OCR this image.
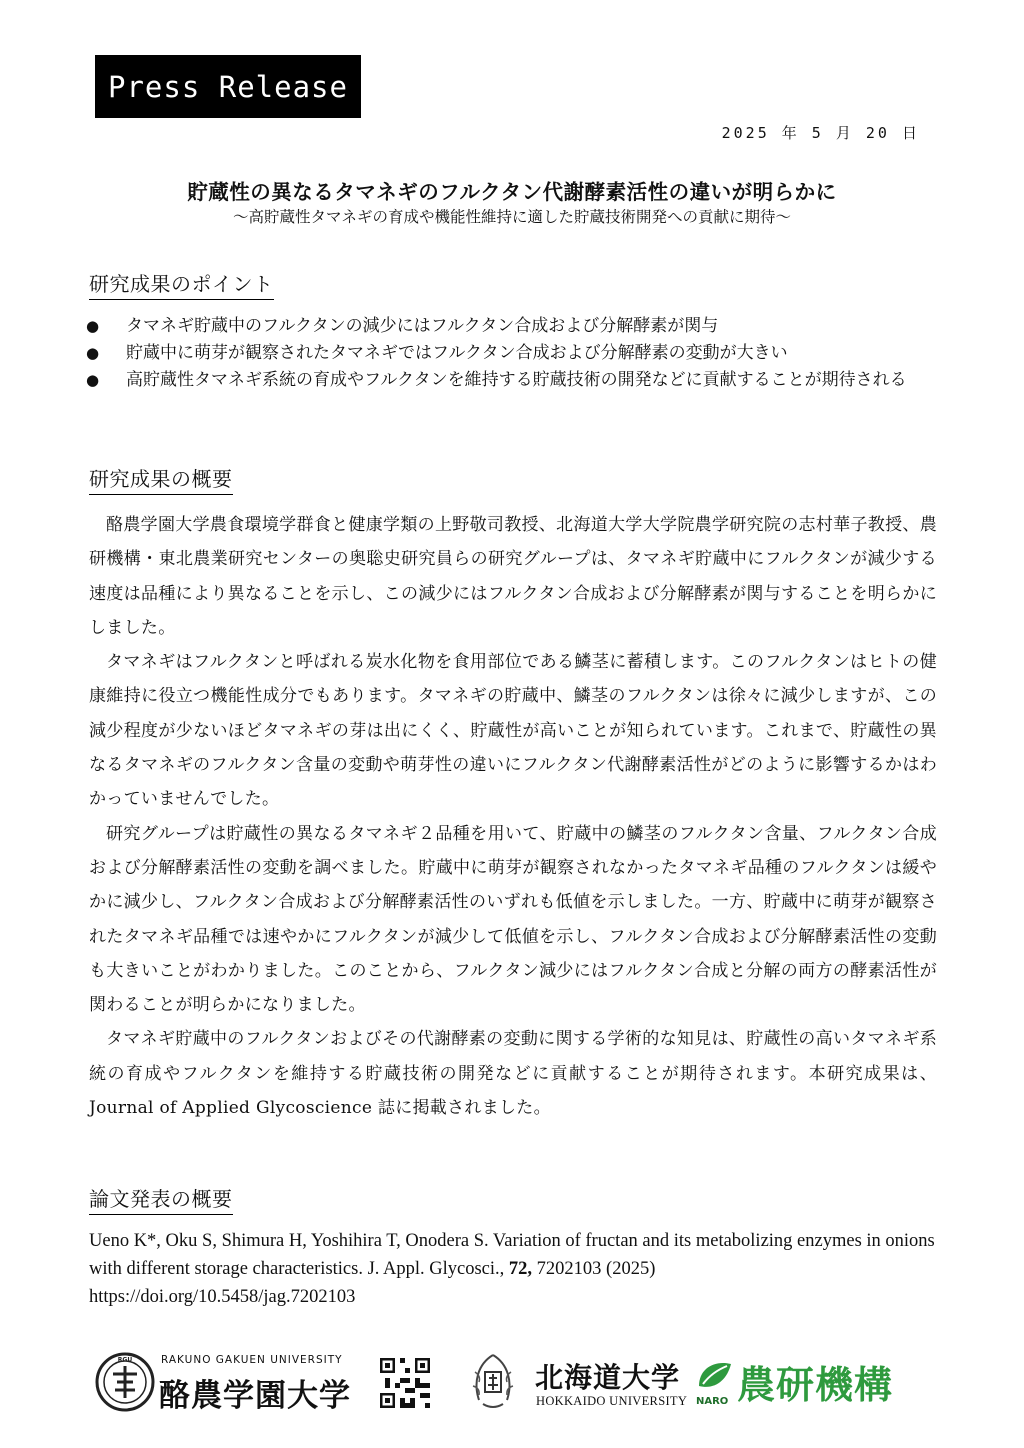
Press Release
2025 年 5 月 20 日
貯蔵性の異なるタマネギのフルクタン代謝酵素活性の違いが明らかに
～高貯蔵性タマネギの育成や機能性維持に適した貯蔵技術開発への貢献に期待～
研究成果のポイント
● タマネギ貯蔵中のフルクタンの減少にはフルクタン合成および分解酵素が関与
● 貯蔵中に萌芽が観察されたタマネギではフルクタン合成および分解酵素の変動が大きい
● 高貯蔵性タマネギ系統の育成やフルクタンを維持する貯蔵技術の開発などに貢献することが期待される
研究成果の概要

酪農学園大学農食環境学群食と健康学類の上野敬司教授、北海道大学大学院農学研究院の志村華子教授、農研機構・東北農業研究センターの奥聡史研究員らの研究グループは、タマネギ貯蔵中にフルクタンが減少する速度は品種により異なることを示し、この減少にはフルクタン合成および分解酵素が関与することを明らかにしました。

タマネギはフルクタンと呼ばれる炭水化物を食用部位である鱗茎に蓄積します。このフルクタンはヒトの健康維持に役立つ機能性成分でもあります。タマネギの貯蔵中、鱗茎のフルクタンは徐々に減少しますが、この減少程度が少ないほどタマネギの芽は出にくく、貯蔵性が高いことが知られています。これまで、貯蔵性の異なるタマネギのフルクタン含量の変動や萌芽性の違いにフルクタン代謝酵素活性がどのように影響するかはわかっていませんでした。

研究グループは貯蔵性の異なるタマネギ２品種を用いて、貯蔵中の鱗茎のフルクタン含量、フルクタン合成および分解酵素活性の変動を調べました。貯蔵中に萌芽が観察されなかったタマネギ品種のフルクタンは緩やかに減少し、フルクタン合成および分解酵素活性のいずれも低値を示しました。一方、貯蔵中に萌芽が観察されたタマネギ品種では速やかにフルクタンが減少して低値を示し、フルクタン合成および分解酵素活性の変動も大きいことがわかりました。このことから、フルクタン減少にはフルクタン合成と分解の両方の酵素活性が関わることが明らかになりました。

タマネギ貯蔵中のフルクタンおよびその代謝酵素の変動に関する学術的な知見は、貯蔵性の高いタマネギ系統の育成やフルクタンを維持する貯蔵技術の開発などに貢献することが期待されます。本研究成果は、Journal of Applied Glycoscience 誌に掲載されました。

論文発表の概要
Ueno K*, Oku S, Shimura H, Yoshihira T, Onodera S. Variation of fructan and its metabolizing enzymes in onions with different storage characteristics. J. Appl. Glycosci., 72, 7202103 (2025)
https://doi.org/10.5458/jag.7202103
RGU	RAKUNO GAKUEN UNIVERSITY
酪農学園大学
北海道大学
HOKKAIDO UNIVERSITY NARO 農研機構
